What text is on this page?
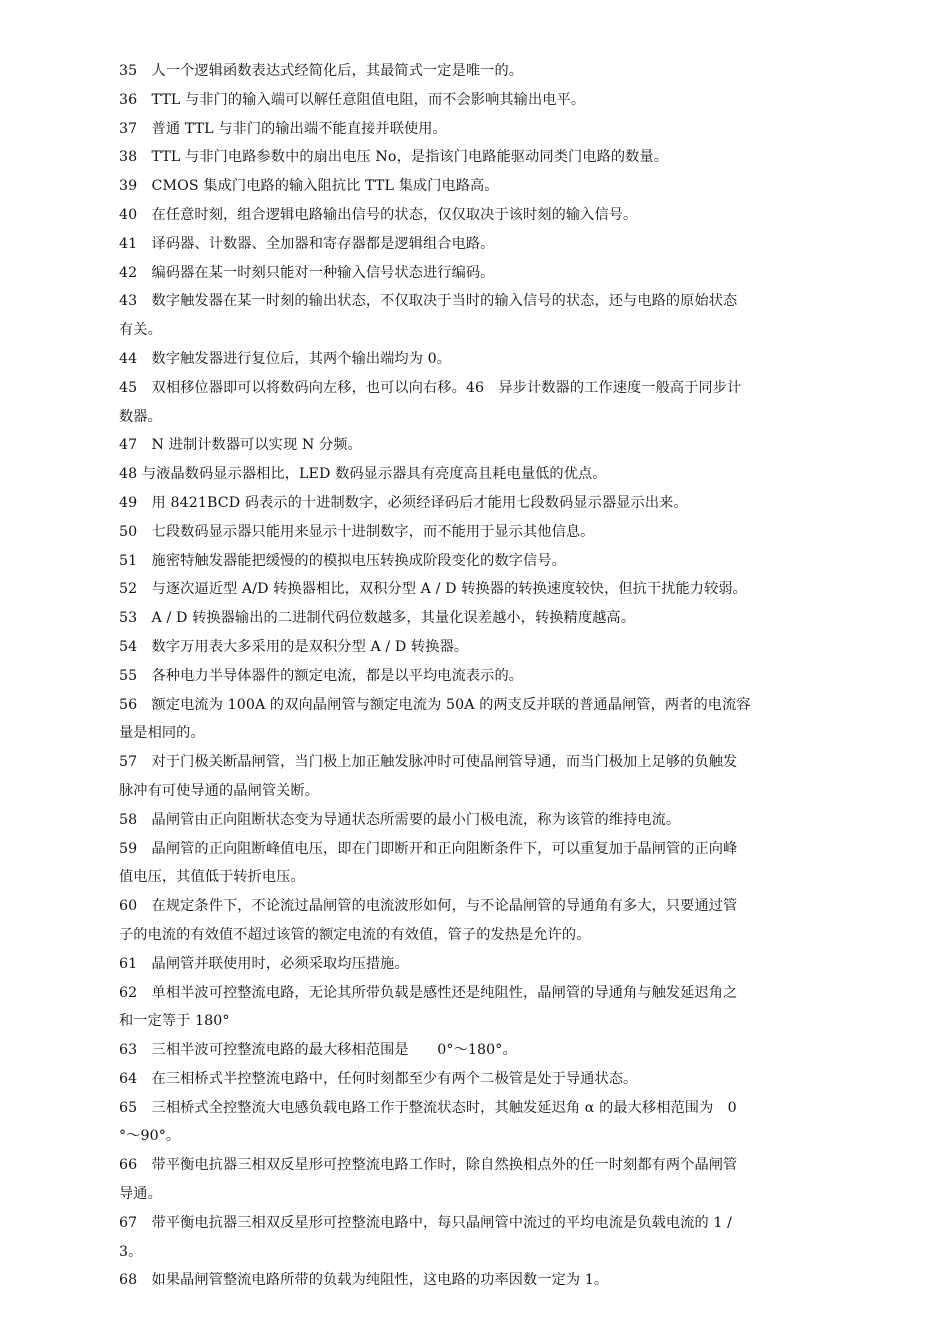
35　人一个逻辑函数表达式经简化后，其最简式一定是唯一的。
36　TTL 与非门的输入端可以解任意阻值电阻，而不会影响其输出电平。
37　普通 TTL 与非门的输出端不能直接并联使用。
38　TTL 与非门电路参数中的扇出电压 No，是指该门电路能驱动同类门电路的数量。
39　CMOS 集成门电路的输入阻抗比 TTL 集成门电路高。
40　在任意时刻，组合逻辑电路输出信号的状态，仅仅取决于该时刻的输入信号。
41　译码器、计数器、全加器和寄存器都是逻辑组合电路。
42　编码器在某一时刻只能对一种输入信号状态进行编码。
43　数字触发器在某一时刻的输出状态，不仅取决于当时的输入信号的状态，还与电路的原始状态
有关。
44　数字触发器进行复位后，其两个输出端均为 0。
45　双相移位器即可以将数码向左移，也可以向右移。46　异步计数器的工作速度一般高于同步计
数器。
47　N 进制计数器可以实现 N 分频。
48 与液晶数码显示器相比，LED 数码显示器具有亮度高且耗电量低的优点。
49　用 8421BCD 码表示的十进制数字，必须经译码后才能用七段数码显示器显示出来。
50　七段数码显示器只能用来显示十进制数字，而不能用于显示其他信息。
51　施密特触发器能把缓慢的的模拟电压转换成阶段变化的数字信号。
52　与逐次逼近型 A/D 转换器相比，双积分型 A / D 转换器的转换速度较快，但抗干扰能力较弱。
53　A / D 转换器输出的二进制代码位数越多，其量化误差越小，转换精度越高。
54　数字万用表大多采用的是双积分型 A / D 转换器。
55　各种电力半导体器件的额定电流，都是以平均电流表示的。
56　额定电流为 100A 的双向晶闸管与额定电流为 50A 的两支反并联的普通晶闸管，两者的电流容
量是相同的。
57　对于门极关断晶闸管，当门极上加正触发脉冲时可使晶闸管导通，而当门极加上足够的负触发
脉冲有可使导通的晶闸管关断。
58　晶闸管由正向阻断状态变为导通状态所需要的最小门极电流，称为该管的维持电流。
59　晶闸管的正向阻断峰值电压，即在门即断开和正向阻断条件下，可以重复加于晶闸管的正向峰
值电压，其值低于转折电压。
60　在规定条件下，不论流过晶闸管的电流波形如何，与不论晶闸管的导通角有多大，只要通过管
子的电流的有效值不超过该管的额定电流的有效值，管子的发热是允许的。
61　晶闸管并联使用时，必须采取均压措施。
62　单相半波可控整流电路，无论其所带负载是感性还是纯阻性，晶闸管的导通角与触发延迟角之
和一定等于 180°
63　三相半波可控整流电路的最大移相范围是　　0°～180°。
64　在三相桥式半控整流电路中，任何时刻都至少有两个二极管是处于导通状态。
65　三相桥式全控整流大电感负载电路工作于整流状态时，其触发延迟角 α 的最大移相范围为　0
°～90°。
66　带平衡电抗器三相双反星形可控整流电路工作时，除自然换相点外的任一时刻都有两个晶闸管
导通。
67　带平衡电抗器三相双反星形可控整流电路中，每只晶闸管中流过的平均电流是负载电流的 1 /
3。
68　如果晶闸管整流电路所带的负载为纯阻性，这电路的功率因数一定为 1。
